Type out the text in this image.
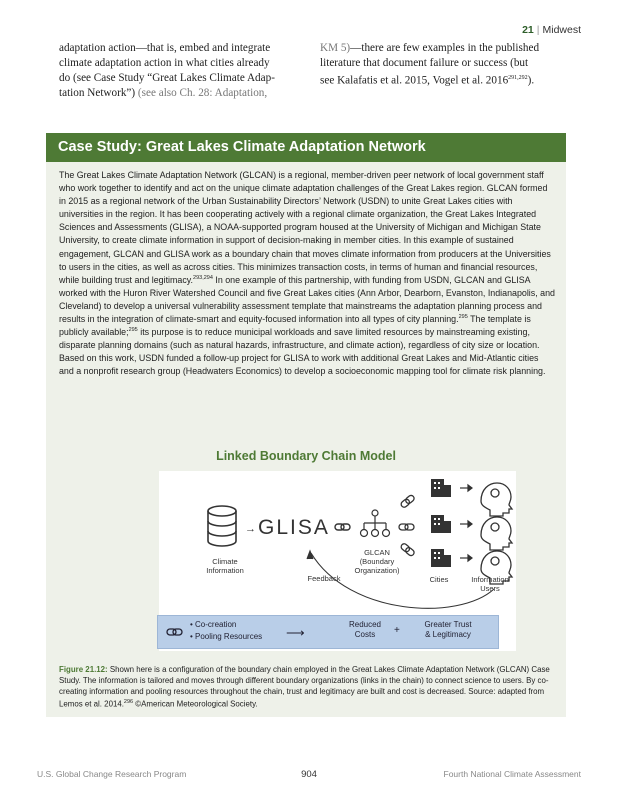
21 | Midwest
adaptation action—that is, embed and integrate
climate adaptation action in what cities already
do (see Case Study “Great Lakes Climate Adap-
tation Network”) (see also Ch. 28: Adaptation,
KM 5)—there are few examples in the published
literature that document failure or success (but
see Kalafatis et al. 2015, Vogel et al. 2016$^{291,292}$).
Case Study: Great Lakes Climate Adaptation Network
The Great Lakes Climate Adaptation Network (GLCAN) is a regional, member-driven peer network of local government staff who work together to identify and act on the unique climate adaptation challenges of the Great Lakes region. GLCAN formed in 2015 as a regional network of the Urban Sustainability Directors’ Network (USDN) to unite Great Lakes cities with universities in the region. It has been cooperating actively with a regional climate organization, the Great Lakes Integrated Sciences and Assessments (GLISA), a NOAA-supported program housed at the University of Michigan and Michigan State University, to create climate information in support of decision-making in member cities. In this example of sustained engagement, GLCAN and GLISA work as a boundary chain that moves climate information from producers at the Universities to users in the cities, as well as across cities. This minimizes transaction costs, in terms of human and financial resources, while building trust and legitimacy.$^{293,294}$ In one example of this partnership, with funding from USDN, GLCAN and GLISA worked with the Huron River Watershed Council and five Great Lakes cities (Ann Arbor, Dearborn, Evanston, Indianapolis, and Cleveland) to develop a universal vulnerability assessment template that mainstreams the adaptation planning process and results in the integration of climate-smart and equity-focused information into all types of city planning.$^{295}$ The template is publicly available;$^{295}$ its purpose is to reduce municipal workloads and save limited resources by mainstreaming existing, disparate planning domains (such as natural hazards, infrastructure, and climate action), regardless of city size or location. Based on this work, USDN funded a follow-up project for GLISA to work with additional Great Lakes and Mid-Atlantic cities and a nonprofit research group (Headwaters Economics) to develop a socioeconomic mapping tool for climate risk planning.
Linked Boundary Chain Model
→ GLISA
Climate
Information
GLCAN
(Boundary
Organization)
Cities	Information
Users
Feedback
• Co-creation
• Pooling Resources ⟶
Reduced
Costs	+
Greater Trust
& Legitimacy
Figure 21.12: Shown here is a configuration of the boundary chain employed in the Great Lakes Climate Adaptation Network (GLCAN) Case Study. The information is tailored and moves through different boundary organizations (links in the chain) to connect science to users. By co-creating information and pooling resources throughout the chain, trust and legitimacy are built and cost is decreased. Source: adapted from Lemos et al. 2014.$^{296}$ ©American Meteorological Society.
U.S. Global Change Research Program	904	Fourth National Climate Assessment
